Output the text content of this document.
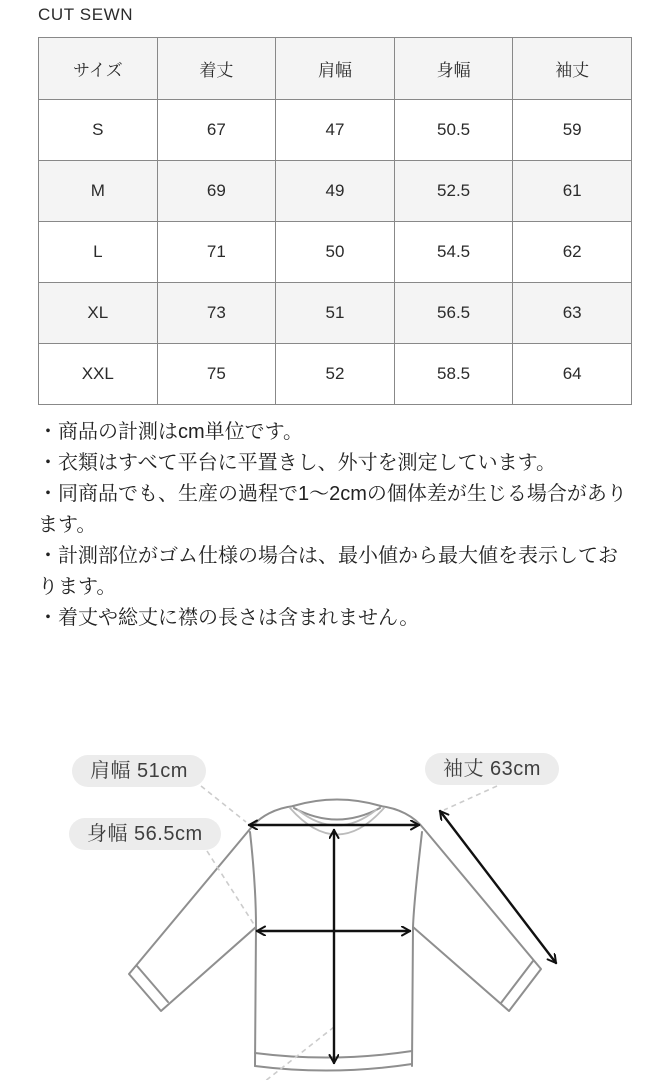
CUT SEWN
サイズ	着丈	肩幅	身幅	袖丈
S	67	47	50.5	59
M	69	49	52.5	61
L	71	50	54.5	62
XL	73	51	56.5	63
XXL	75	52	58.5	64
・商品の計測はcm単位です。
・衣類はすべて平台に平置きし、外寸を測定しています。
・同商品でも、生産の過程で1〜2cmの個体差が生じる場合があり
ます。
・計測部位がゴム仕様の場合は、最小値から最大値を表示してお
ります。
・着丈や総丈に襟の長さは含まれません。
肩幅 51cm	袖丈 63cm
身幅 56.5cm
